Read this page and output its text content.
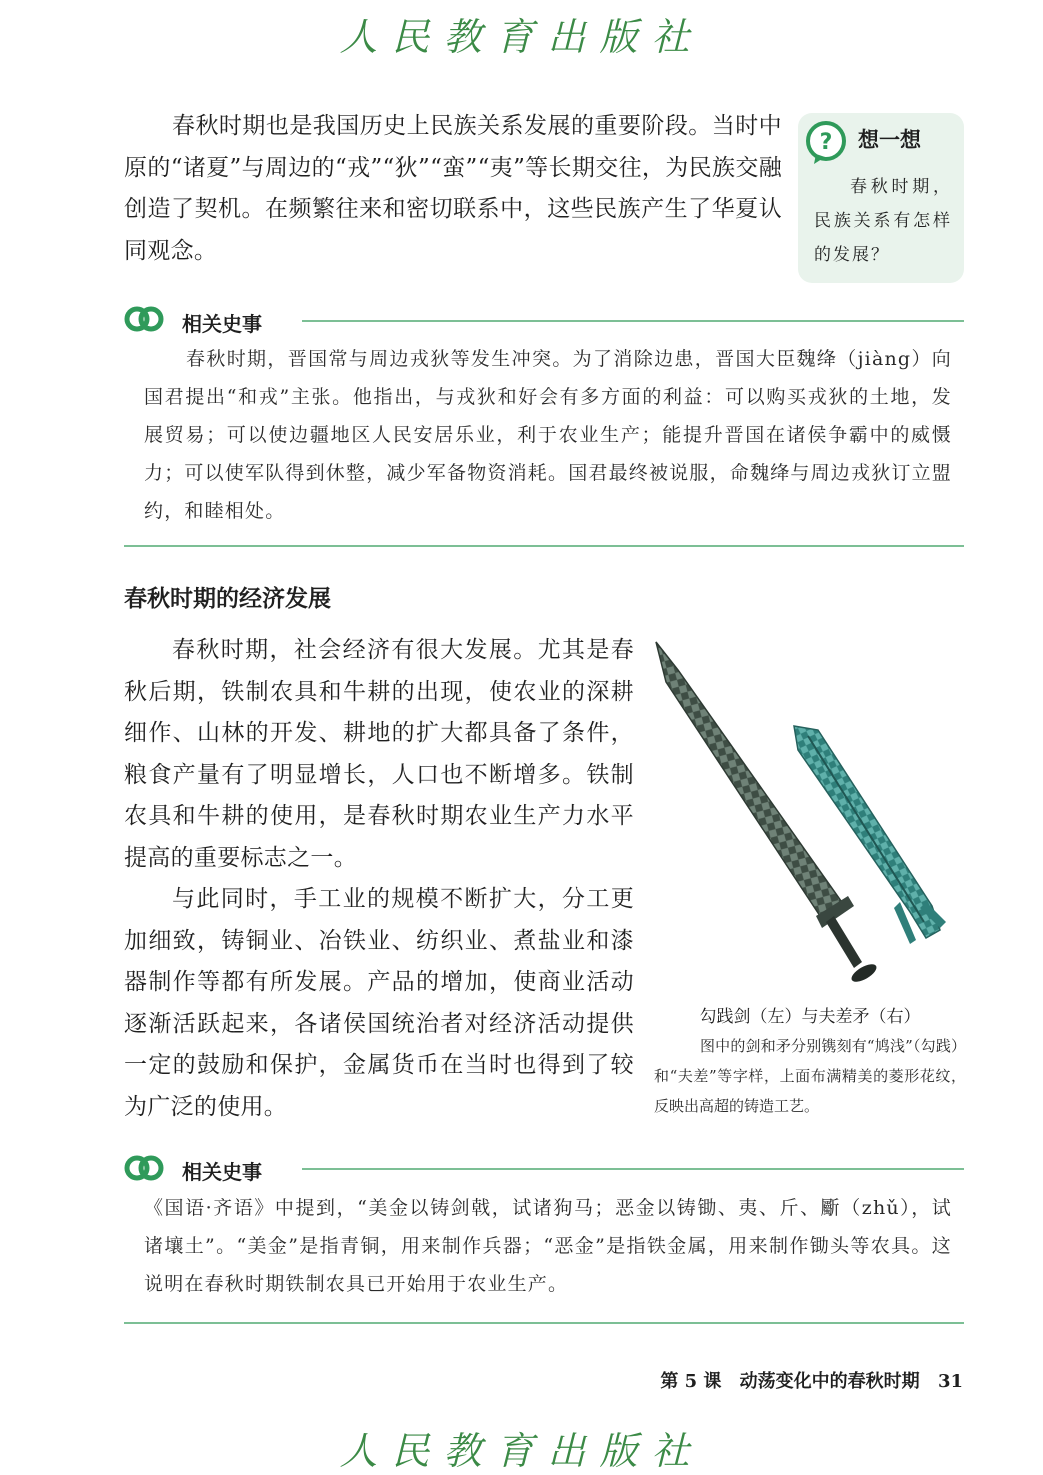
人民教育出版社

春秋时期也是我国历史上民族关系发展的重要阶段。当时中原的“诸夏”与周边的“戎”“狄”“蛮”“夷”等长期交往，为民族交融创造了契机。在频繁往来和密切联系中，这些民族产生了华夏认同观念。

? 想一想

春秋时期，民族关系有怎样的发展？

相关史事

春秋时期，晋国常与周边戎狄等发生冲突。为了消除边患，晋国大臣魏绛（jiàng）向国君提出“和戎”主张。他指出，与戎狄和好会有多方面的利益：可以购买戎狄的土地，发展贸易；可以使边疆地区人民安居乐业，利于农业生产；能提升晋国在诸侯争霸中的威慑力；可以使军队得到休整，减少军备物资消耗。国君最终被说服，命魏绛与周边戎狄订立盟约，和睦相处。

春秋时期的经济发展

春秋时期，社会经济有很大发展。尤其是春秋后期，铁制农具和牛耕的出现，使农业的深耕细作、山林的开发、耕地的扩大都具备了条件，粮食产量有了明显增长，人口也不断增多。铁制农具和牛耕的使用，是春秋时期农业生产力水平提高的重要标志之一。

与此同时，手工业的规模不断扩大，分工更加细致，铸铜业、冶铁业、纺织业、煮盐业和漆器制作等都有所发展。产品的增加，使商业活动逐渐活跃起来，各诸侯国统治者对经济活动提供一定的鼓励和保护，金属货币在当时也得到了较为广泛的使用。

勾践剑（左）与夫差矛（右）

图中的剑和矛分别镌刻有“鸠浅”（勾践）和“夫差”等字样，上面布满精美的菱形花纹，反映出高超的铸造工艺。

相关史事

《国语·齐语》中提到，“美金以铸剑戟，试诸狗马；恶金以铸锄、夷、斤、斸（zhǔ），试诸壤土”。“美金”是指青铜，用来制作兵器；“恶金”是指铁金属，用来制作锄头等农具。这说明在春秋时期铁制农具已开始用于农业生产。

第 5 课 动荡变化中的春秋时期 31
人民教育出版社
